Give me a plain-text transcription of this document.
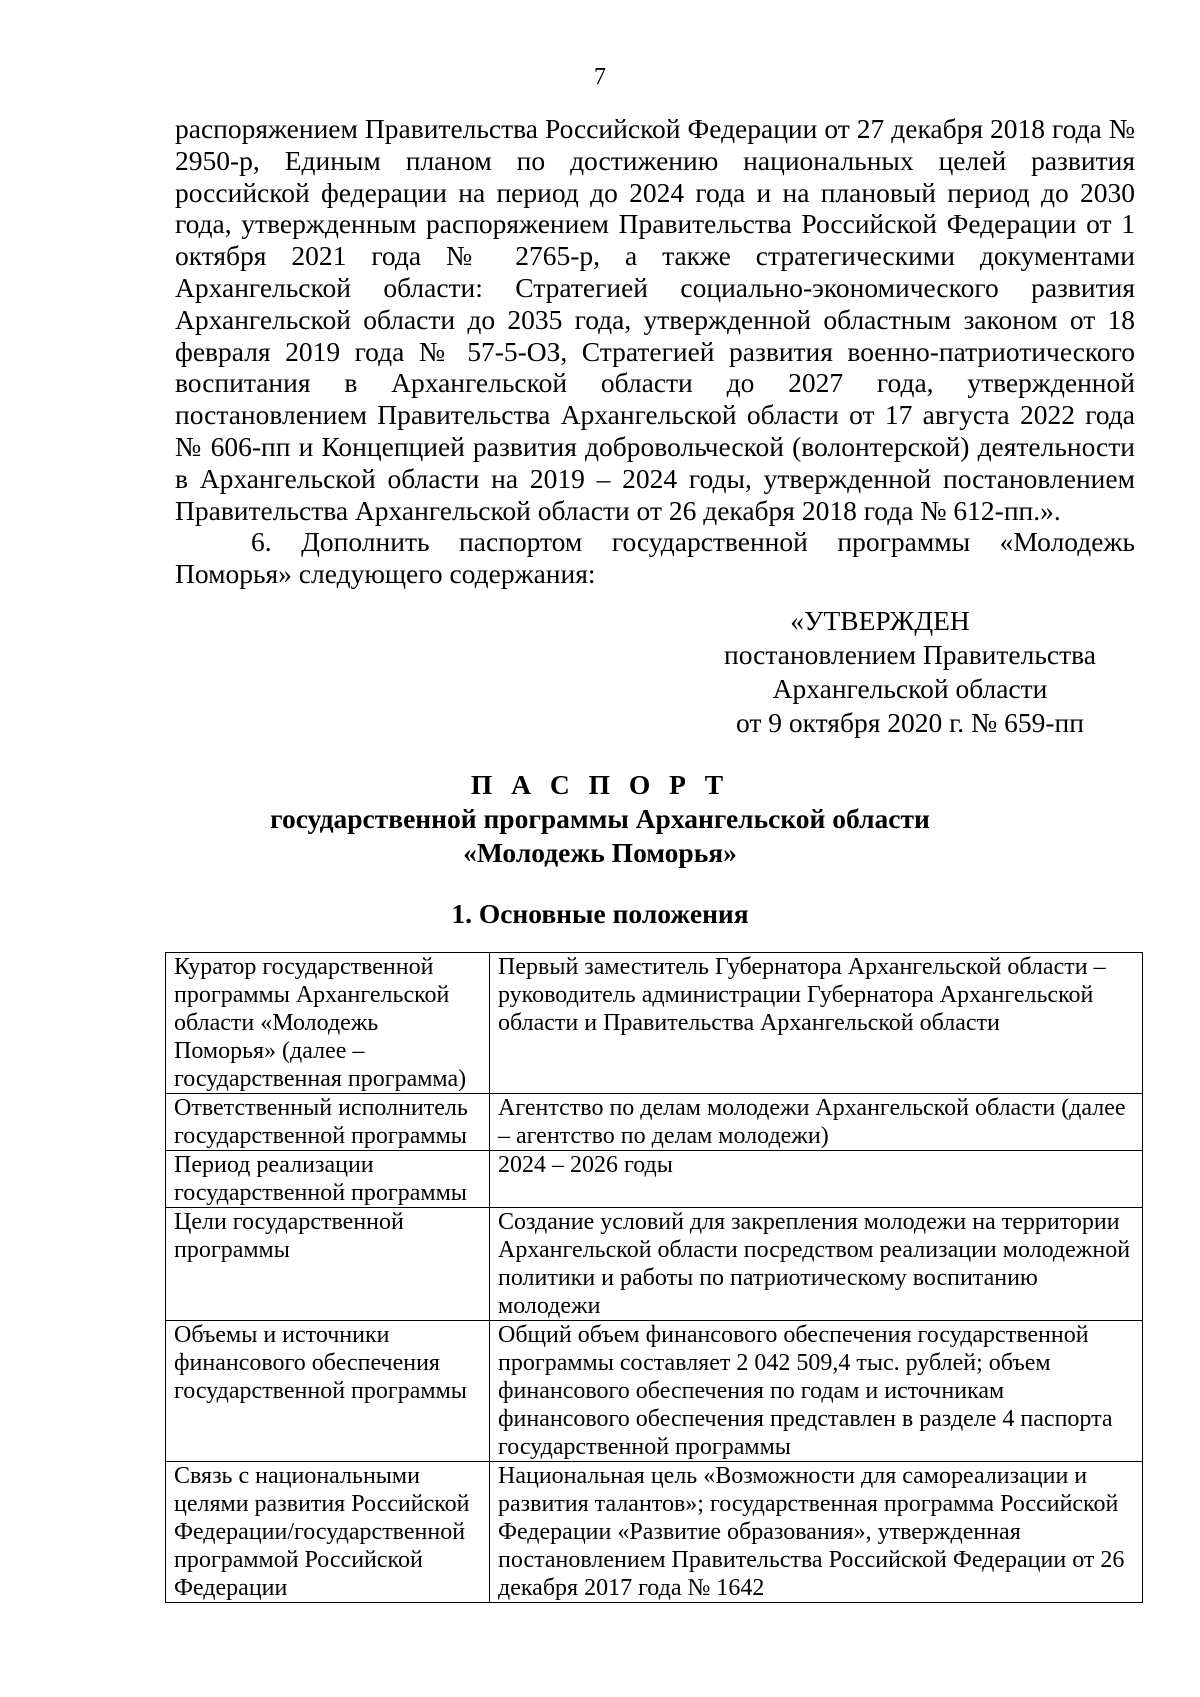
7

распоряжением Правительства Российской Федерации от 27 декабря 2018 года № 2950-р, Единым планом по достижению национальных целей развития российской федерации на период до 2024 года и на плановый период до 2030 года, утвержденным распоряжением Правительства Российской Федерации от 1 октября 2021 года № 2765-р, а также стратегическими документами Архангельской области: Стратегией социально-экономического развития Архангельской области до 2035 года, утвержденной областным законом от 18 февраля 2019 года № 57-5-ОЗ, Стратегией развития военно-патриотического воспитания в Архангельской области до 2027 года, утвержденной постановлением Правительства Архангельской области от 17 августа 2022 года № 606-пп и Концепцией развития добровольческой (волонтерской) деятельности в Архангельской области на 2019 – 2024 годы, утвержденной постановлением Правительства Архангельской области от 26 декабря 2018 года № 612-пп.».

6. Дополнить паспортом государственной программы «Молодежь Поморья» следующего содержания:

«УТВЕРЖДЕН
постановлением Правительства
Архангельской области
от 9 октября 2020 г. № 659-пп
П А С П О Р Т
государственной программы Архангельской области
«Молодежь Поморья»
1. Основные положения
Куратор государственной программы Архангельской области «Молодежь Поморья» (далее – государственная программа)	Первый заместитель Губернатора Архангельской области – руководитель администрации Губернатора Архангельской области и Правительства Архангельской области
Ответственный исполнитель государственной программы	Агентство по делам молодежи Архангельской области (далее – агентство по делам молодежи)
Период реализации государственной программы	2024 – 2026 годы
Цели государственной программы	Создание условий для закрепления молодежи на территории Архангельской области посредством реализации молодежной политики и работы по патриотическому воспитанию молодежи
Объемы и источники финансового обеспечения государственной программы	Общий объем финансового обеспечения государственной программы составляет 2 042 509,4 тыс. рублей; объем финансового обеспечения по годам и источникам финансового обеспечения представлен в разделе 4 паспорта государственной программы
Связь с национальными целями развития Российской Федерации/государственной программой Российской Федерации	Национальная цель «Возможности для самореализации и развития талантов»; государственная программа Российской Федерации «Развитие образования», утвержденная постановлением Правительства Российской Федерации от 26 декабря 2017 года № 1642
